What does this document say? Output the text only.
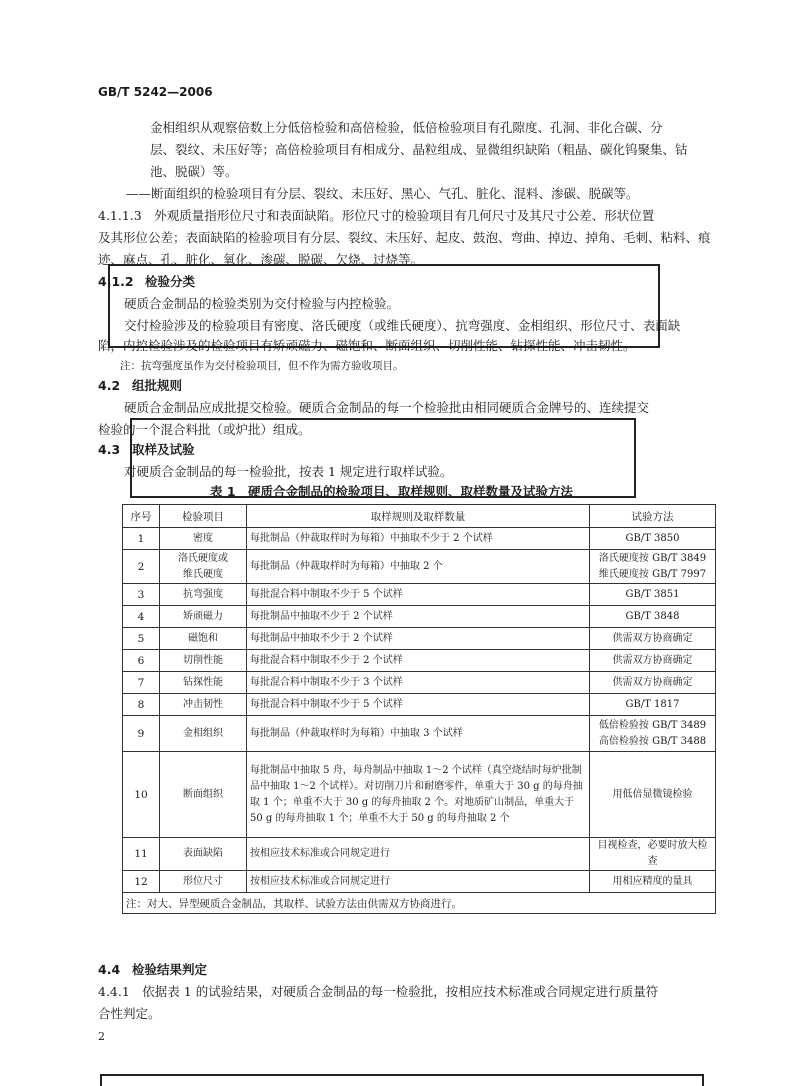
GB/T 5242—2006
金相组织从观察倍数上分低倍检验和高倍检验，低倍检验项目有孔隙度、孔洞、非化合碳、分
层、裂纹、未压好等；高倍检验项目有相成分、晶粒组成、显微组织缺陷（粗晶、碳化钨聚集、钴
池、脱碳）等。
——断面组织的检验项目有分层、裂纹、未压好、黑心、气孔、脏化、混料、渗碳、脱碳等。
4.1.1.3　外观质量指形位尺寸和表面缺陷。形位尺寸的检验项目有几何尺寸及其尺寸公差、形状位置
及其形位公差；表面缺陷的检验项目有分层、裂纹、未压好、起皮、鼓泡、弯曲、掉边、掉角、毛刺、粘料、痕
迹、麻点、孔、脏化、氧化、渗碳、脱碳、欠烧、过烧等。
4.1.2 检验分类
硬质合金制品的检验类别为交付检验与内控检验。
交付检验涉及的检验项目有密度、洛氏硬度（或维氏硬度）、抗弯强度、金相组织、形位尺寸、表面缺
陷，内控检验涉及的检验项目有矫顽磁力、磁饱和、断面组织、切削性能、钻探性能、冲击韧性。
注：抗弯强度虽作为交付检验项目，但不作为需方验收项目。
4.2 组批规则
硬质合金制品应成批提交检验。硬质合金制品的每一个检验批由相同硬质合金牌号的、连续提交
检验的一个混合料批（或炉批）组成。
4.3 取样及试验
对硬质合金制品的每一检验批，按表 1 规定进行取样试验。
表 1　硬质合金制品的检验项目、取样规则、取样数量及试验方法
序号	检验项目	取样规则及取样数量	试验方法
1	密度	每批制品（仲裁取样时为每箱）中抽取不少于 2 个试样	GB/T 3850
2	洛氏硬度或
维氏硬度	每批制品（仲裁取样时为每箱）中抽取 2 个	洛氏硬度按 GB/T 3849
维氏硬度按 GB/T 7997
3	抗弯强度	每批混合料中制取不少于 5 个试样	GB/T 3851
4	矫顽磁力	每批制品中抽取不少于 2 个试样	GB/T 3848
5	磁饱和	每批制品中抽取不少于 2 个试样	供需双方协商确定
6	切削性能	每批混合料中制取不少于 2 个试样	供需双方协商确定
7	钻探性能	每批混合料中制取不少于 3 个试样	供需双方协商确定
8	冲击韧性	每批混合料中制取不少于 5 个试样	GB/T 1817
9	金相组织	每批制品（仲裁取样时为每箱）中抽取 3 个试样	低倍检验按 GB/T 3489
高倍检验按 GB/T 3488
10	断面组织	每批制品中抽取 5 舟，每舟制品中抽取 1～2 个试样（真空烧结时每炉批制品中抽取 1～2 个试样）。对切削刀片和耐磨零件，单重大于 30 g 的每舟抽取 1 个；单重不大于 30 g 的每舟抽取 2 个。对地质矿山制品，单重大于 50 g 的每舟抽取 1 个；单重不大于 50 g 的每舟抽取 2 个	用低倍显微镜检验
11	表面缺陷	按相应技术标准或合同规定进行	目视检查，必要时放大检查
12	形位尺寸	按相应技术标准或合同规定进行	用相应精度的量具
注：对大、异型硬质合金制品，其取样、试验方法由供需双方协商进行。			
4.4 检验结果判定
4.4.1　依据表 1 的试验结果，对硬质合金制品的每一检验批，按相应技术标准或合同规定进行质量符
合性判定。
2
